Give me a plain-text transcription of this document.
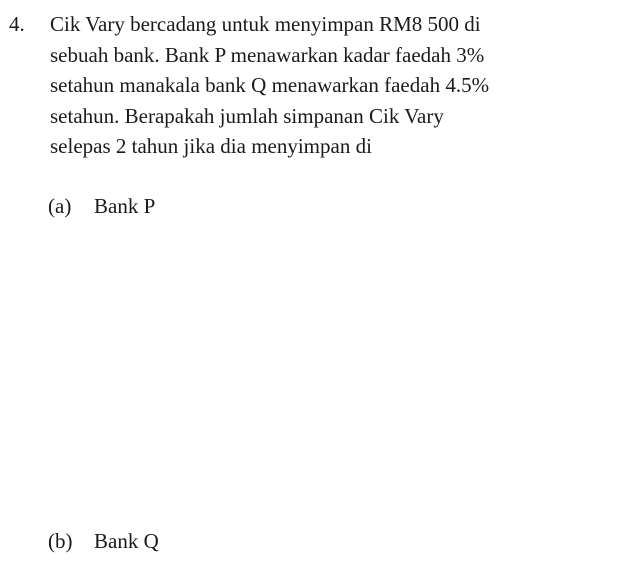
4. Cik Vary bercadang untuk menyimpan RM8 500 di
sebuah bank. Bank P menawarkan kadar faedah 3%
setahun manakala bank Q menawarkan faedah 4.5%
setahun. Berapakah jumlah simpanan Cik Vary
selepas 2 tahun jika dia menyimpan di
(a) Bank P
(b) Bank Q
